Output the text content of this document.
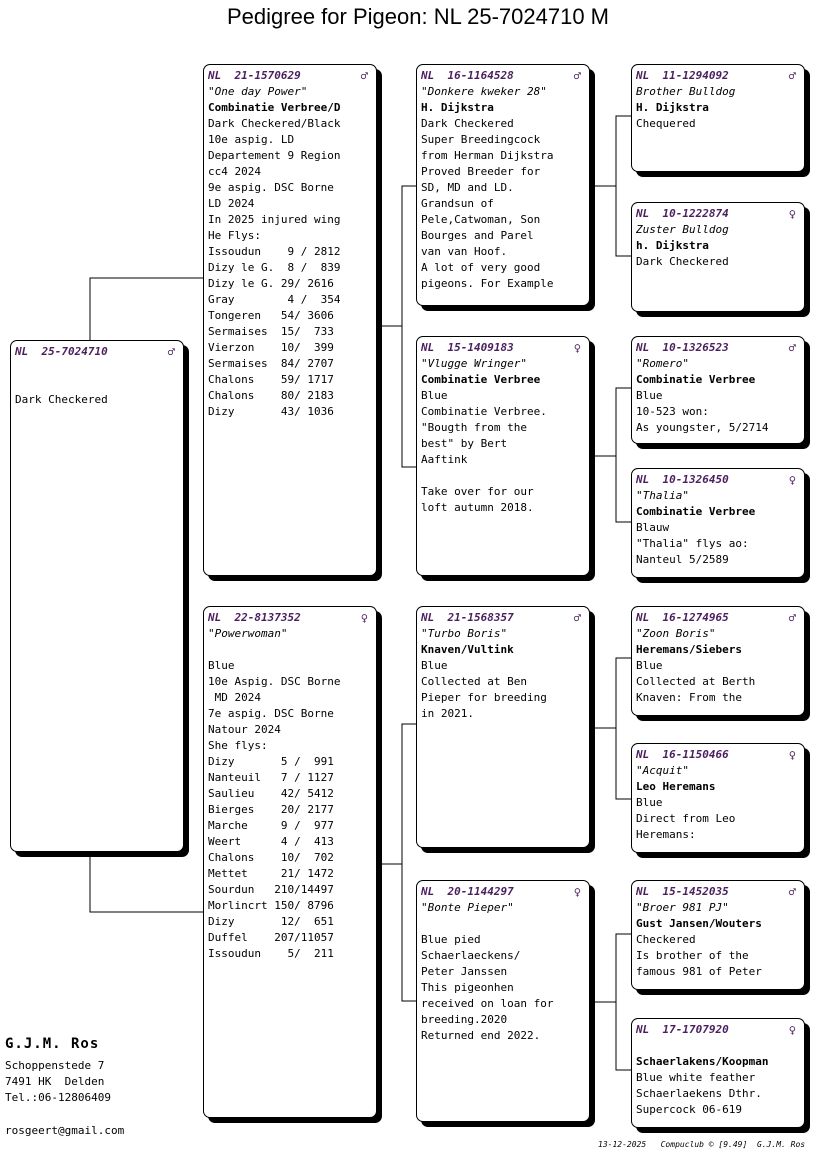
Pedigree for Pigeon: NL 25-7024710 M
NL  25-7024710	♂
Dark Checkered
NL  21-1570629	♂
"One day Power"
Combinatie Verbree/D
Dark Checkered/Black
10e aspig. LD
Departement 9 Region
cc4 2024
9e aspig. DSC Borne
LD 2024
In 2025 injured wing
He Flys:
Issoudun    9 / 2812
Dizy le G.  8 /  839
Dizy le G. 29/ 2616
Gray        4 /  354
Tongeren   54/ 3606
Sermaises  15/  733
Vierzon    10/  399
Sermaises  84/ 2707
Chalons    59/ 1717
Chalons    80/ 2183
Dizy       43/ 1036
NL  22-8137352	♀
"Powerwoman"
Blue
10e Aspig. DSC Borne
MD 2024
7e aspig. DSC Borne
Natour 2024
She flys:
Dizy       5 /  991
Nanteuil   7 / 1127
Saulieu    42/ 5412
Bierges    20/ 2177
Marche     9 /  977
Weert      4 /  413
Chalons    10/  702
Mettet     21/ 1472
Sourdun   210/14497
Morlincrt 150/ 8796
Dizy       12/  651
Duffel    207/11057
Issoudun    5/  211
NL  16-1164528	♂
"Donkere kweker 28"
H. Dijkstra
Dark Checkered
Super Breedingcock
from Herman Dijkstra
Proved Breeder for
SD, MD and LD.
Grandsun of
Pele,Catwoman, Son
Bourges and Parel
van van Hoof.
A lot of very good
pigeons. For Example
NL  15-1409183	♀
"Vlugge Wringer"
Combinatie Verbree
Blue
Combinatie Verbree.
"Bougth from the
best" by Bert
Aaftink
Take over for our
loft autumn 2018.
NL  21-1568357	♂
"Turbo Boris"
Knaven/Vultink
Blue
Collected at Ben
Pieper for breeding
in 2021.
NL  20-1144297	♀
"Bonte Pieper"
Blue pied
Schaerlaeckens/
Peter Janssen
This pigeonhen
received on loan for
breeding.2020
Returned end 2022.
NL  11-1294092	♂
Brother Bulldog
H. Dijkstra
Chequered
NL  10-1222874	♀
Zuster Bulldog
h. Dijkstra
Dark Checkered
NL  10-1326523	♂
"Romero"
Combinatie Verbree
Blue
10-523 won:
As youngster, 5/2714
NL  10-1326450	♀
"Thalia"
Combinatie Verbree
Blauw
"Thalia" flys ao:
Nanteul 5/2589
NL  16-1274965	♂
"Zoon Boris"
Heremans/Siebers
Blue
Collected at Berth
Knaven: From the
NL  16-1150466	♀
"Acquit"
Leo Heremans
Blue
Direct from Leo
Heremans:
NL  15-1452035	♂
"Broer 981 PJ"
Gust Jansen/Wouters
Checkered
Is brother of the
famous 981 of Peter
NL  17-1707920	♀
Schaerlakens/Koopman
Blue white feather
Schaerlaekens Dthr.
Supercock 06-619
G.J.M. Ros
Schoppenstede 7
7491 HK  Delden
Tel.:06-12806409
rosgeert@gmail.com
13-12-2025   Compuclub © [9.49]  G.J.M. Ros
